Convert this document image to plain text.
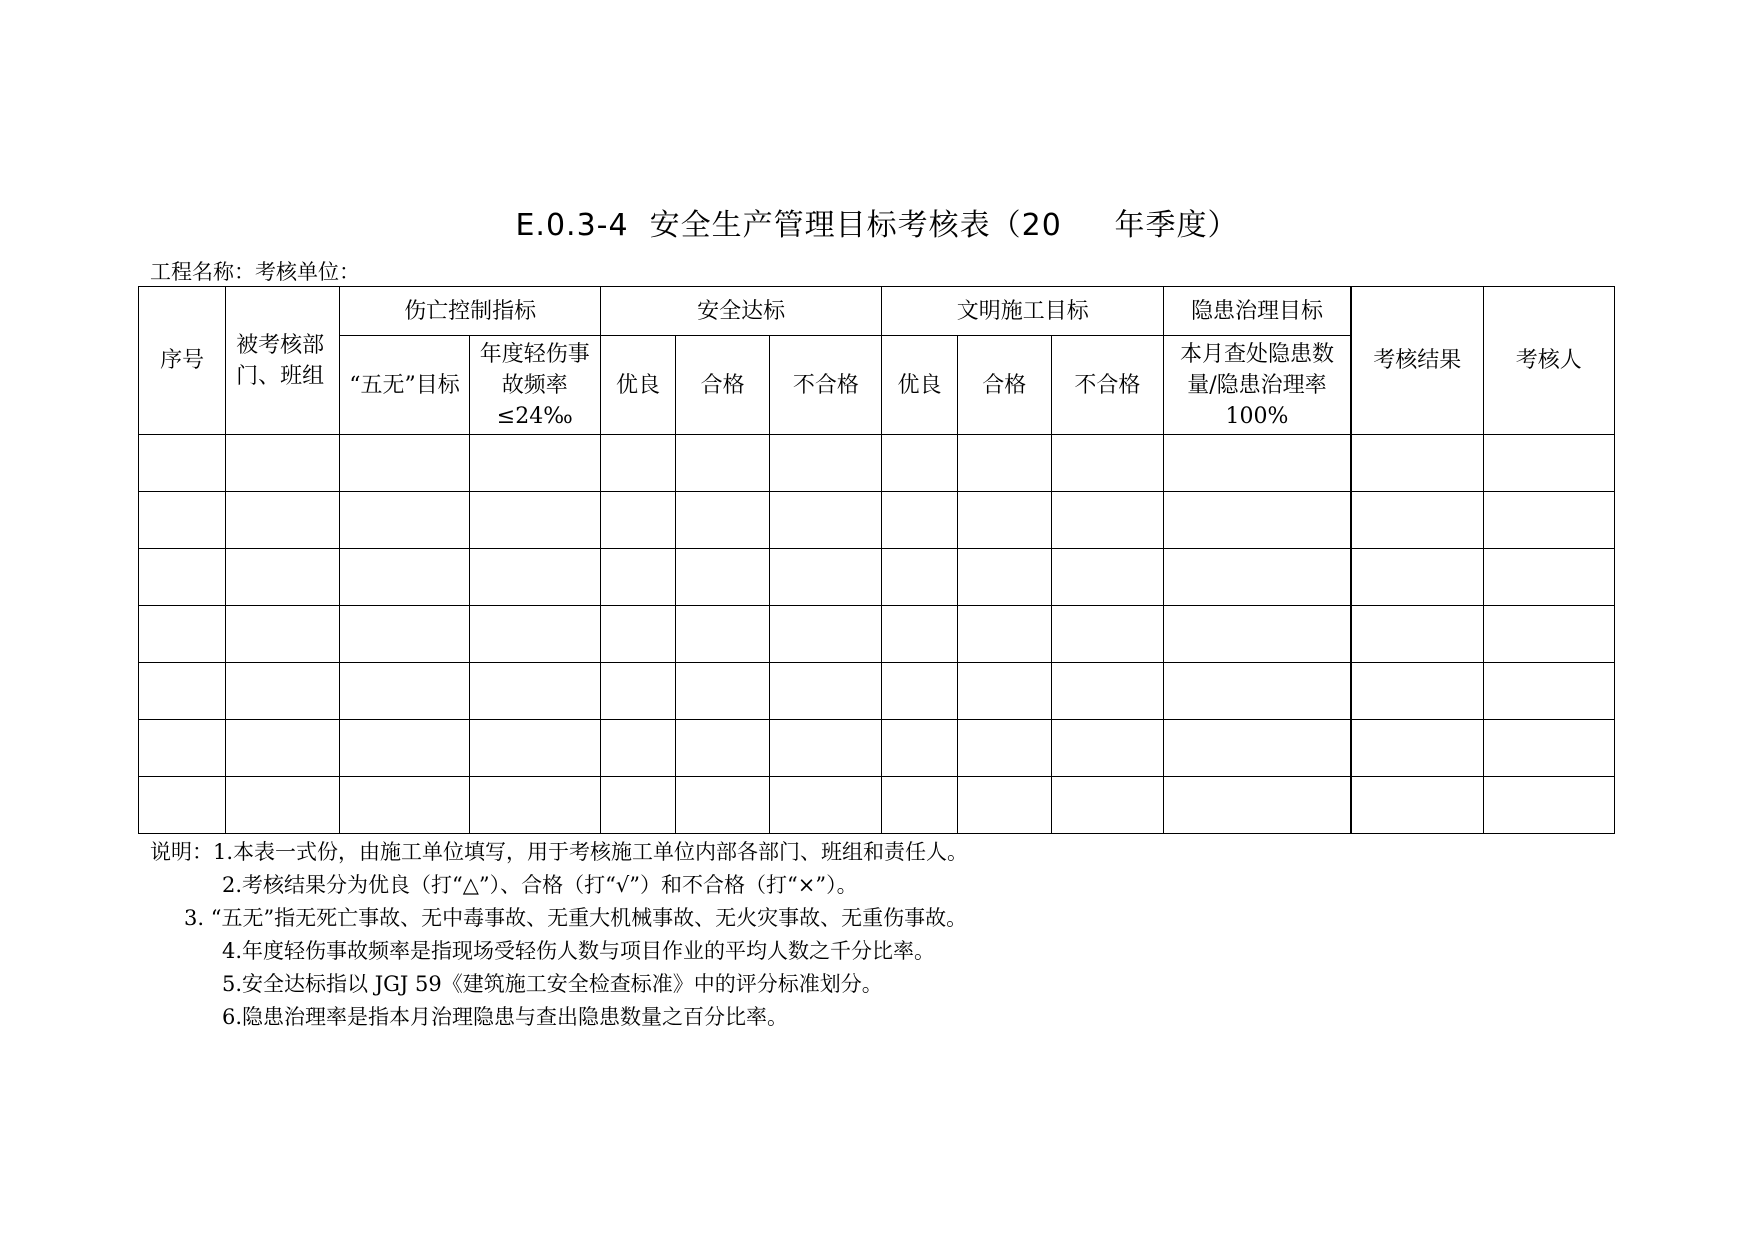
E.0.3-4  安全生产管理目标考核表（20     年季度）
工程名称：考核单位：
序号	被考核部门、班组	伤亡控制指标		安全达标			文明施工目标			隐患治理目标	考核结果	考核人
		“五无”目标	年度轻伤事故频率≤24‰	优良	合格	不合格	优良	合格	不合格	本月查处隐患数量/隐患治理率 100%		

说明：1.本表一式份，由施工单位填写，用于考核施工单位内部各部门、班组和责任人。
2.考核结果分为优良（打“△”）、合格（打“√”）和不合格（打“×”）。
3. “五无”指无死亡事故、无中毒事故、无重大机械事故、无火灾事故、无重伤事故。
4.年度轻伤事故频率是指现场受轻伤人数与项目作业的平均人数之千分比率。
5.安全达标指以 JGJ 59《建筑施工安全检查标准》中的评分标准划分。
6.隐患治理率是指本月治理隐患与查出隐患数量之百分比率。
